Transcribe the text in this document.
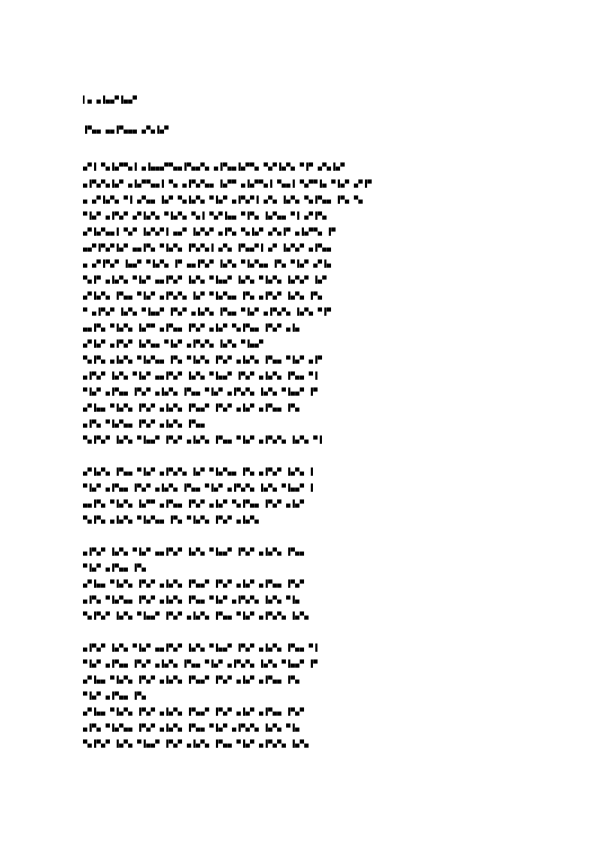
▍▄ ▄▐▄▄▀▐▄▄▀
▐▀▄▄ ▄▄▐▀▄▄▄ ▄▀▄▐▄▀
▄▀▐ ▀▄▐▄▀▀▄▐ ▄▐▄▄▄▀▀▄▄▐▀▄▄▀▄ ▄▐▀▄▄▐▄▀▀▄ ▀▄▀▐▄▀▄ ▀▐▀ ▄▀▄▐▄▀
▄▐▀▄▀▄▐▄▀ ▄▐▄▀▀▄▄▐ ▀▄ ▄▐▀▄▀▄▄ ▐▄▀▀ ▄▐▄▀▀▄▐ ▀▄▄▐ ▀▄▀▀▐▄ ▀▐▄▀ ▄▀▐▀
▄ ▄▀▐▄▀▄ ▀▐ ▄▀▄▄ ▐▄▀ ▀▄▐▄▀▄ ▀▐▄▀ ▄▐▀▄▀▐ ▄▀▄ ▐▄▀▄ ▀▄▐▀▄▄ ▐▀▄ ▀▄
▀▐▄▀ ▄▐▀▄▀ ▄▀▐▄▀▄ ▀▐▄▀▄ ▀▄▐ ▀▄▀▐▄▄ ▀▐▀▄ ▐▄▀▄▄ ▀▐ ▄▀▐▀▄
▄▀▐▄▀▄▄▐ ▀▄▀ ▐▄▀▄▀▐ ▄▄▀ ▐▄▀▄▀ ▄▐▀▄ ▀▄▐▄▀ ▄▀▄▐▀ ▄▐▄▀▀▄ ▐▀
▄▄▀▐▀▄▀▐▄▀ ▄▄▐▀▄ ▀▐▄▀▄ ▐▀▄▀▄▐ ▄▀▄ ▐▀▄▄▀▐ ▄▀ ▐▄▀▄▀ ▄▐▀▄▄
▄ ▄▀▐▀▄▀ ▐▄▄▀ ▀▐▄▀▄ ▐▀ ▄▄▐▀▄▀ ▐▄▀▄ ▀▐▄▀▄▄ ▐▀▄ ▀▐▄▀ ▄▀▐▄
▀▄▐▀ ▄▐▄▀▄ ▀▐▄▀ ▄▄▐▀▄▀ ▐▄▀▄ ▀▐▄▄▀ ▐▄▀▄ ▀▐▄▀▄ ▐▄▀▄▀ ▐▄▀
▄▀▐▄▀▄ ▐▀▄▄ ▀▐▄▀ ▄▐▀▄▀▄ ▐▄▀ ▀▐▄▀▄▄ ▐▀▄ ▄▐▀▄▀ ▐▄▀▄ ▐▀▄
▀ ▄▐▀▄▀ ▐▄▀▄ ▀▐▄▄▀ ▐▀▄▀ ▄▐▄▀▄ ▐▀▄▄ ▀▐▄▀ ▄▐▀▄▀▄ ▐▄▀▄ ▀▐▀
▄▄▐▀▄ ▀▐▄▀▄ ▐▄▀▀ ▄▐▀▄▄ ▐▀▄▀ ▄▐▄▀ ▀▄▐▀▄▄ ▐▀▄▀ ▄▐▄
▄▀▐▄▀ ▄▐▀▄▀ ▐▄▀▄▄ ▀▐▄▀ ▄▐▀▄▀▄ ▐▄▀▄ ▀▐▄▄▀
▀▄▐▀▄ ▄▐▄▀▄ ▀▐▄▀▄▄ ▐▀▄ ▀▐▄▀▄ ▐▀▄▀ ▄▐▄▀▄ ▐▀▄▄ ▀▐▄▀ ▄▐▀
▄▐▀▄▀ ▐▄▀▄ ▀▐▄▀ ▄▄▐▀▄▀ ▐▄▀▄ ▀▐▄▄▀ ▐▀▄▀ ▄▐▄▀▄ ▐▀▄▄ ▀▐
▀▐▄▀ ▄▐▀▄▄ ▐▀▄▀ ▄▐▄▀▄ ▐▀▄▄ ▀▐▄▀ ▄▐▀▄▀▄ ▐▄▀▄ ▀▐▄▄▀ ▐▀
▄▀▐▄▄ ▀▐▄▀▄ ▐▀▄▀ ▄▐▄▀▄ ▐▀▄▄▀ ▐▀▄▀ ▄▐▄▀ ▄▐▀▄▄ ▐▀▄
▄▐▀▄ ▀▐▄▀▄▄ ▐▀▄▀ ▄▐▄▀▄ ▐▀▄▄
▀▄▐▀▄▀ ▐▄▀▄ ▀▐▄▄▀ ▐▀▄▀ ▄▐▄▀▄ ▐▀▄▄ ▀▐▄▀ ▄▐▀▄▀▄ ▐▄▀▄ ▀▐
▄▀▐▄▀▄ ▐▀▄▄ ▀▐▄▀ ▄▐▀▄▀▄ ▐▄▀ ▀▐▄▀▄▄ ▐▀▄ ▄▐▀▄▀ ▐▄▀▄ ▐
▀▐▄▀ ▄▐▀▄▄ ▐▀▄▀ ▄▐▄▀▄ ▐▀▄▄ ▀▐▄▀ ▄▐▀▄▀▄ ▐▄▀▄ ▀▐▄▄▀ ▐
▄▄▐▀▄ ▀▐▄▀▄ ▐▄▀▀ ▄▐▀▄▄ ▐▀▄▀ ▄▐▄▀ ▀▄▐▀▄▄ ▐▀▄▀ ▄▐▄▀
▀▄▐▀▄ ▄▐▄▀▄ ▀▐▄▀▄▄ ▐▀▄ ▀▐▄▀▄ ▐▀▄▀ ▄▐▄▀▄
▄▐▀▄▀ ▐▄▀▄ ▀▐▄▀ ▄▄▐▀▄▀ ▐▄▀▄ ▀▐▄▄▀ ▐▀▄▀ ▄▐▄▀▄ ▐▀▄▄
▀▐▄▀ ▄▐▀▄▄ ▐▀▄
▄▀▐▄▄ ▀▐▄▀▄ ▐▀▄▀ ▄▐▄▀▄ ▐▀▄▄▀ ▐▀▄▀ ▄▐▄▀ ▄▐▀▄▄ ▐▀▄▀
▄▐▀▄ ▀▐▄▀▄▄ ▐▀▄▀ ▄▐▄▀▄ ▐▀▄▄ ▀▐▄▀ ▄▐▀▄▀▄ ▐▄▀▄ ▀▐▄
▀▄▐▀▄▀ ▐▄▀▄ ▀▐▄▄▀ ▐▀▄▀ ▄▐▄▀▄ ▐▀▄▄ ▀▐▄▀ ▄▐▀▄▀▄ ▐▄▀▄
▄▐▀▄▀ ▐▄▀▄ ▀▐▄▀ ▄▄▐▀▄▀ ▐▄▀▄ ▀▐▄▄▀ ▐▀▄▀ ▄▐▄▀▄ ▐▀▄▄ ▀▐
▀▐▄▀ ▄▐▀▄▄ ▐▀▄▀ ▄▐▄▀▄ ▐▀▄▄ ▀▐▄▀ ▄▐▀▄▀▄ ▐▄▀▄ ▀▐▄▄▀ ▐▀
▄▀▐▄▄ ▀▐▄▀▄ ▐▀▄▀ ▄▐▄▀▄ ▐▀▄▄▀ ▐▀▄▀ ▄▐▄▀ ▄▐▀▄▄ ▐▀▄
▀▐▄▀ ▄▐▀▄▄ ▐▀▄
▄▀▐▄▄ ▀▐▄▀▄ ▐▀▄▀ ▄▐▄▀▄ ▐▀▄▄▀ ▐▀▄▀ ▄▐▄▀ ▄▐▀▄▄ ▐▀▄▀
▄▐▀▄ ▀▐▄▀▄▄ ▐▀▄▀ ▄▐▄▀▄ ▐▀▄▄ ▀▐▄▀ ▄▐▀▄▀▄ ▐▄▀▄ ▀▐▄
▀▄▐▀▄▀ ▐▄▀▄ ▀▐▄▄▀ ▐▀▄▀ ▄▐▄▀▄ ▐▀▄▄ ▀▐▄▀ ▄▐▀▄▀▄ ▐▄▀▄
